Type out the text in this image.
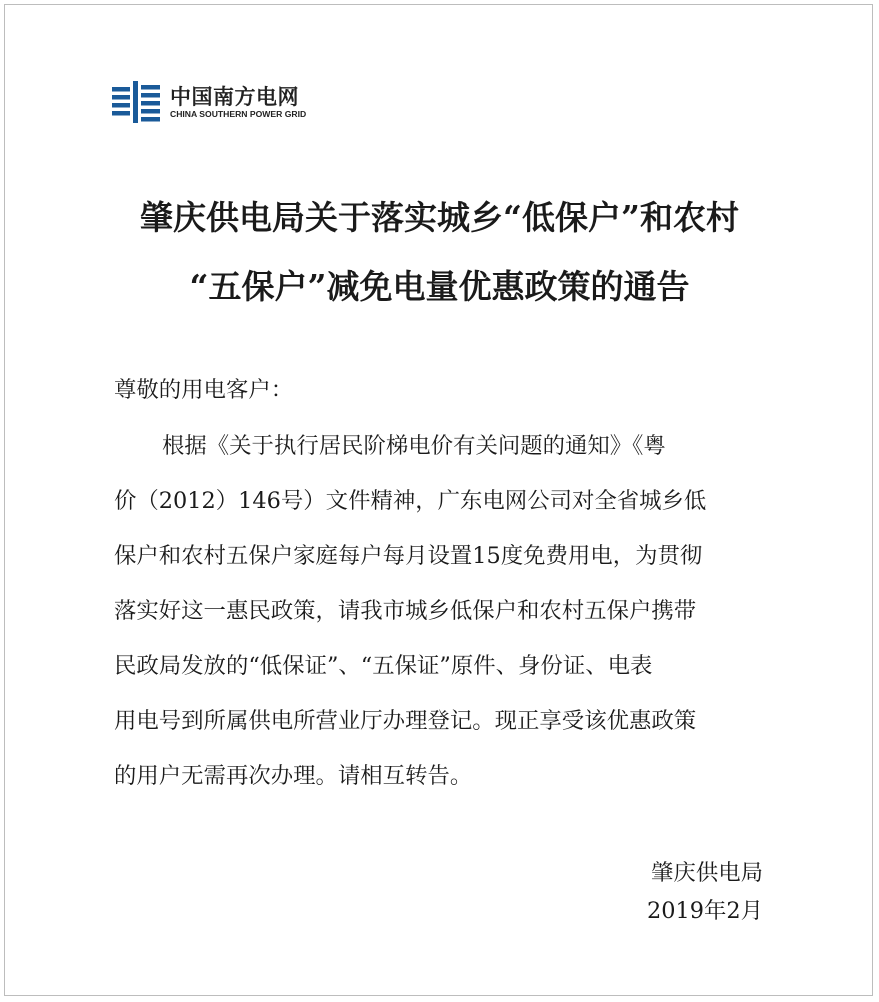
中国南方电网
CHINA SOUTHERN POWER GRID
肇庆供电局关于落实城乡“低保户”和农村
“五保户”减免电量优惠政策的通告
尊敬的用电客户：
根据《关于执行居民阶梯电价有关问题的通知》《粤
价（2012）146号）文件精神，广东电网公司对全省城乡低
保户和农村五保户家庭每户每月设置15度免费用电，为贯彻
落实好这一惠民政策，请我市城乡低保户和农村五保户携带
民政局发放的“低保证”、“五保证”原件、身份证、电表
用电号到所属供电所营业厅办理登记。现正享受该优惠政策
的用户无需再次办理。请相互转告。
肇庆供电局
2019年2月
